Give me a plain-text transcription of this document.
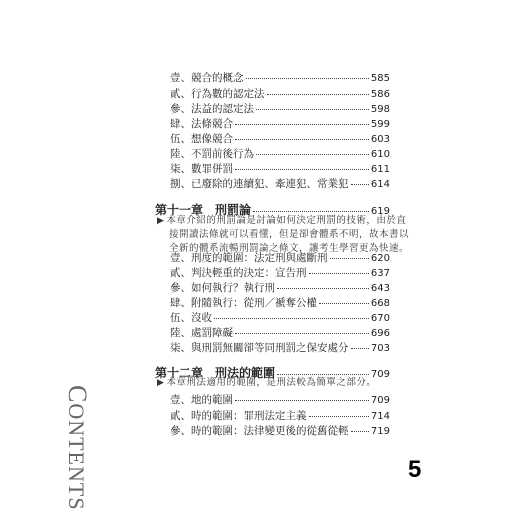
CONTENTS	5
壹、競合的概念	585
貳、行為數的認定法	586
參、法益的認定法	598
肆、法條競合	599
伍、想像競合	603
陸、不罰前後行為	610
柒、數罪併罰	611
捌、已廢除的連續犯、牽連犯、常業犯 614
第十一章　刑罰論	619
▶ 本章介紹的刑罰論是討論如何決定刑罰的技術，由於直
接開讀法條就可以看懂，但是卻會體系不明，故本書以
全新的體系流暢刑罰論之條文，讓考生學習更為快速。
壹、刑度的範圍：法定刑與處斷刑	620
貳、判決輕重的決定：宣告刑	637
參、如何執行？執行刑	643
肆、附隨執行：從刑／褫奪公權	668
伍、沒收	670
陸、處罰障礙	696
柒、與刑罰無關卻等同刑罰之保安處分 703
第十二章　刑法的範圍	709
▶ 本章刑法適用的範圍，是刑法較為簡單之部分。
壹、地的範圍	709
貳、時的範圍：罪刑法定主義	714
參、時的範圍：法律變更後的從舊從輕 719
